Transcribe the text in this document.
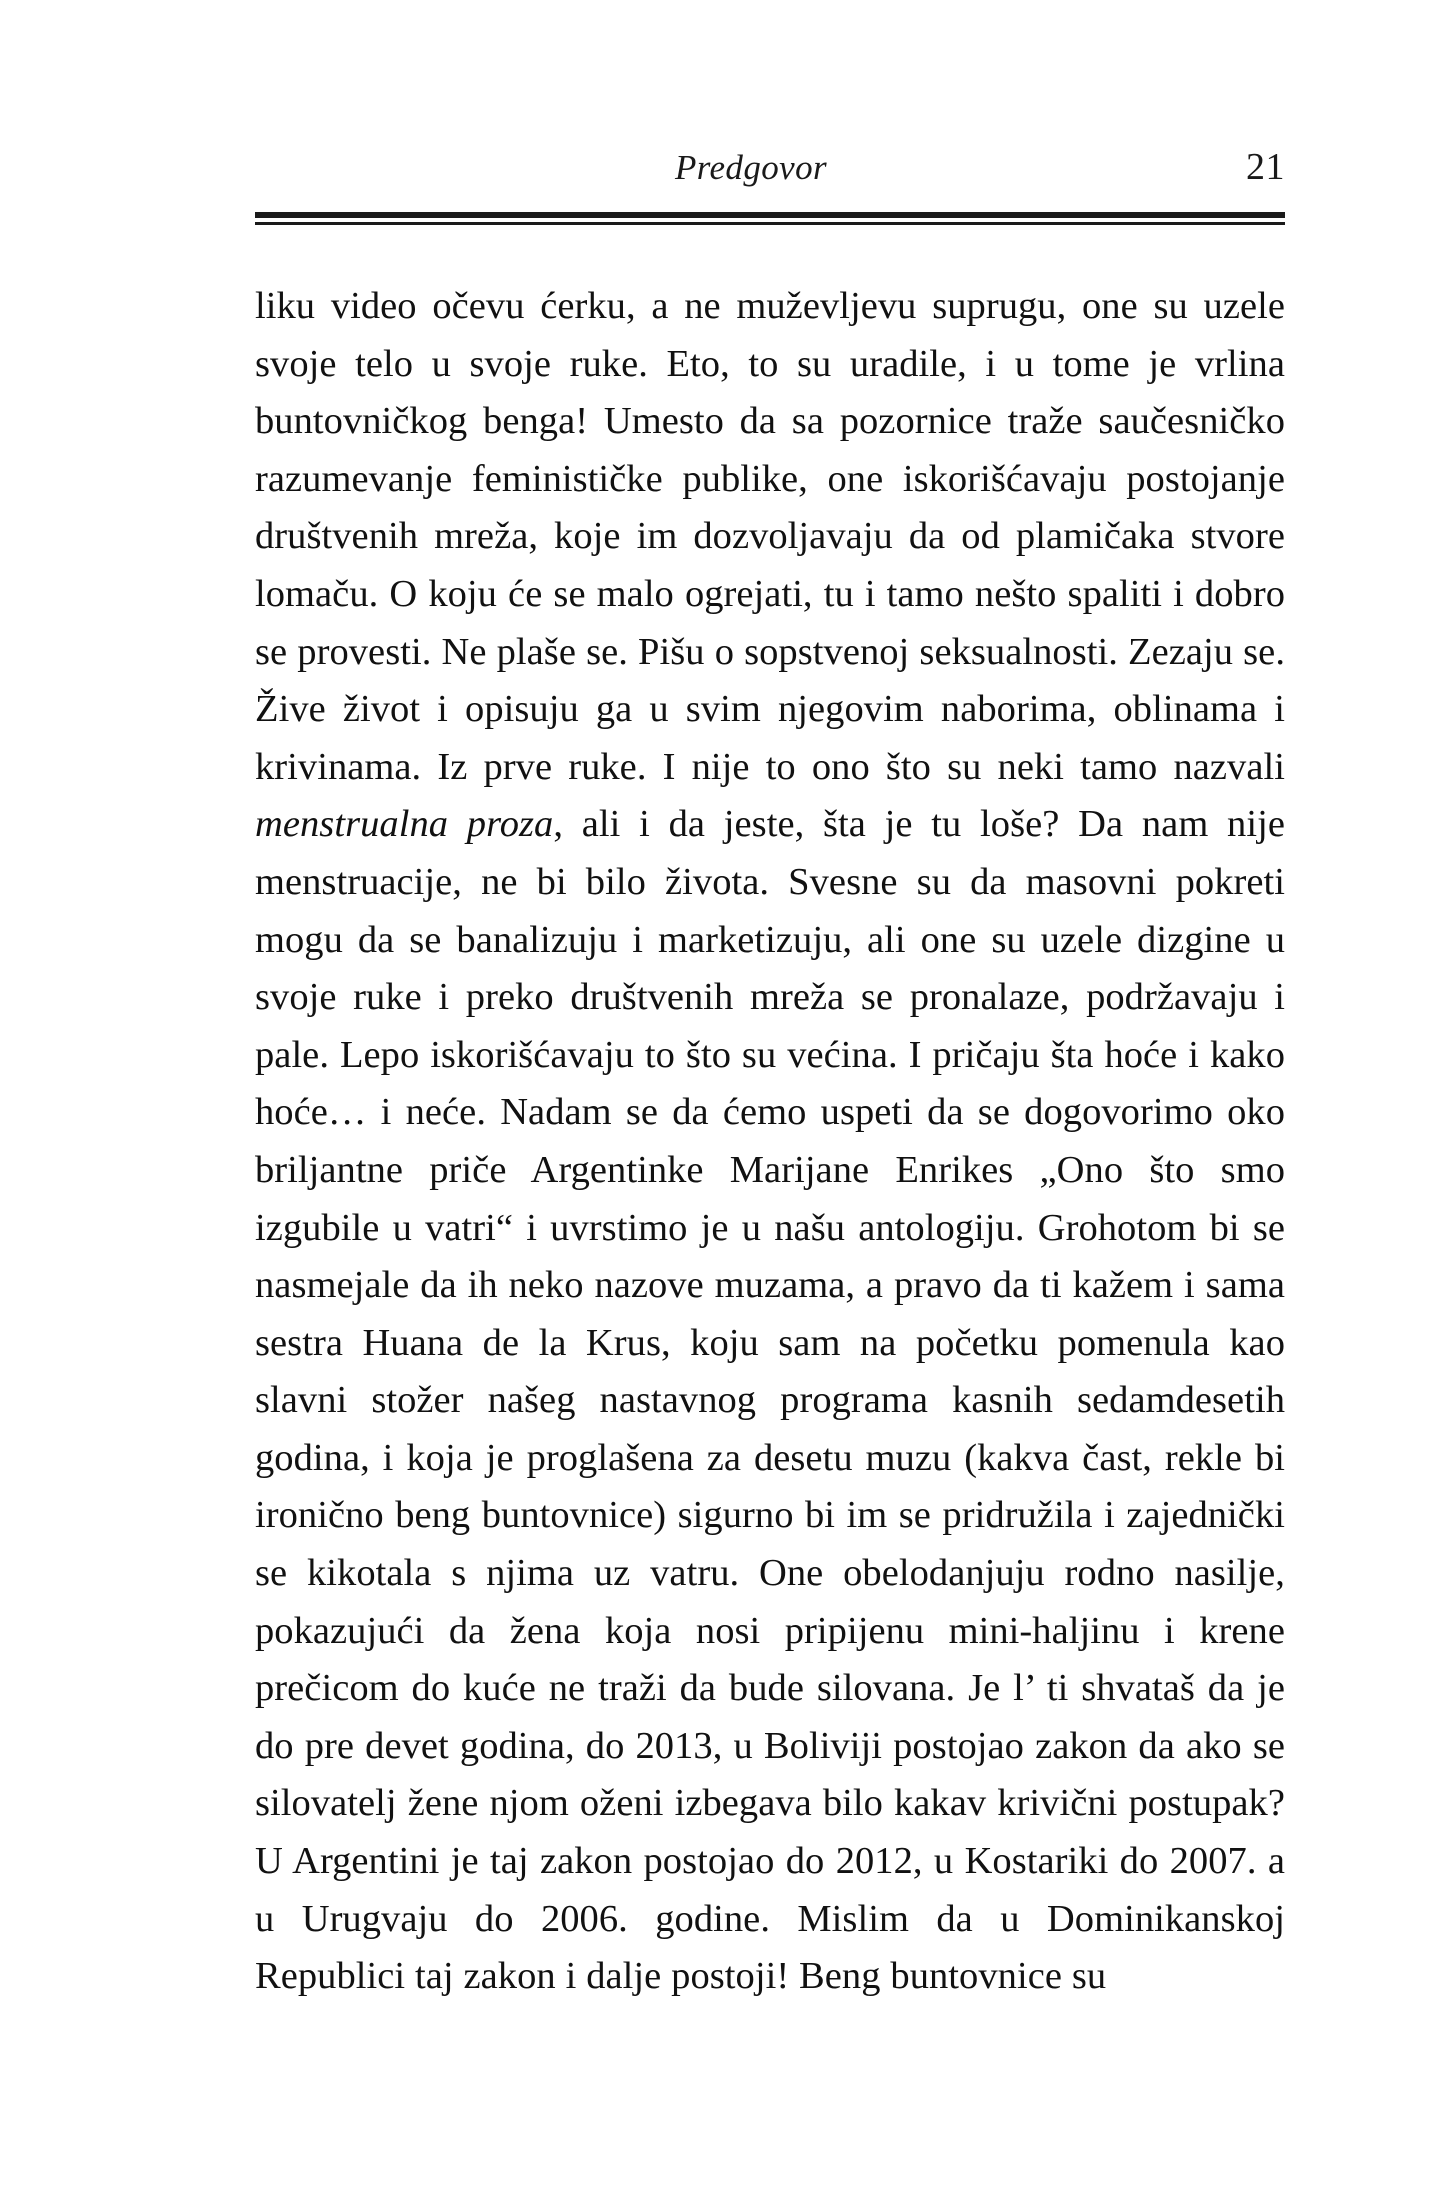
Predgovor	21

liku video očevu ćerku, a ne muževljevu suprugu, one su uzele svoje telo u svoje ruke. Eto, to su uradile, i u tome je vrlina buntovničkog benga! Umesto da sa pozornice traže saučesničko razumevanje feminističke publike, one iskorišćavaju postojanje društvenih mreža, koje im dozvoljavaju da od plamičaka stvore lomaču. O koju će se malo ogrejati, tu i tamo nešto spaliti i dobro se provesti. Ne plaše se. Pišu o sopstvenoj seksualnosti. Zezaju se. Žive život i opisuju ga u svim njegovim naborima, oblinama i krivinama. Iz prve ruke. I nije to ono što su neki tamo nazvali menstrualna proza, ali i da jeste, šta je tu loše? Da nam nije menstruacije, ne bi bilo života. Svesne su da masovni pokreti mogu da se banalizuju i marketizuju, ali one su uzele dizgine u svoje ruke i preko društvenih mreža se pronalaze, podržavaju i pale. Lepo iskorišćavaju to što su većina. I pričaju šta hoće i kako hoće… i neće. Nadam se da ćemo uspeti da se dogovorimo oko briljantne priče Argentinke Marijane Enrikes „Ono što smo izgubile u vatri“ i uvrstimo je u našu antologiju. Grohotom bi se nasmejale da ih neko nazove muzama, a pravo da ti kažem i sama sestra Huana de la Krus, koju sam na početku pomenula kao slavni stožer našeg nastavnog programa kasnih sedamdesetih godina, i koja je proglašena za desetu muzu (kakva čast, rekle bi ironično beng buntovnice) sigurno bi im se pridružila i zajednički se kikotala s njima uz vatru. One obelodanjuju rodno nasilje, pokazujući da žena koja nosi pripijenu mini-haljinu i krene prečicom do kuće ne traži da bude silovana. Je l’ ti shvataš da je do pre devet godina, do 2013, u Boliviji postojao zakon da ako se silovatelj žene njom oženi izbegava bilo kakav krivični postupak? U Argentini je taj zakon postojao do 2012, u Kostariki do 2007. a u Urugvaju do 2006. godine. Mislim da u Dominikanskoj Republici taj zakon i dalje postoji! Beng buntovnice su
